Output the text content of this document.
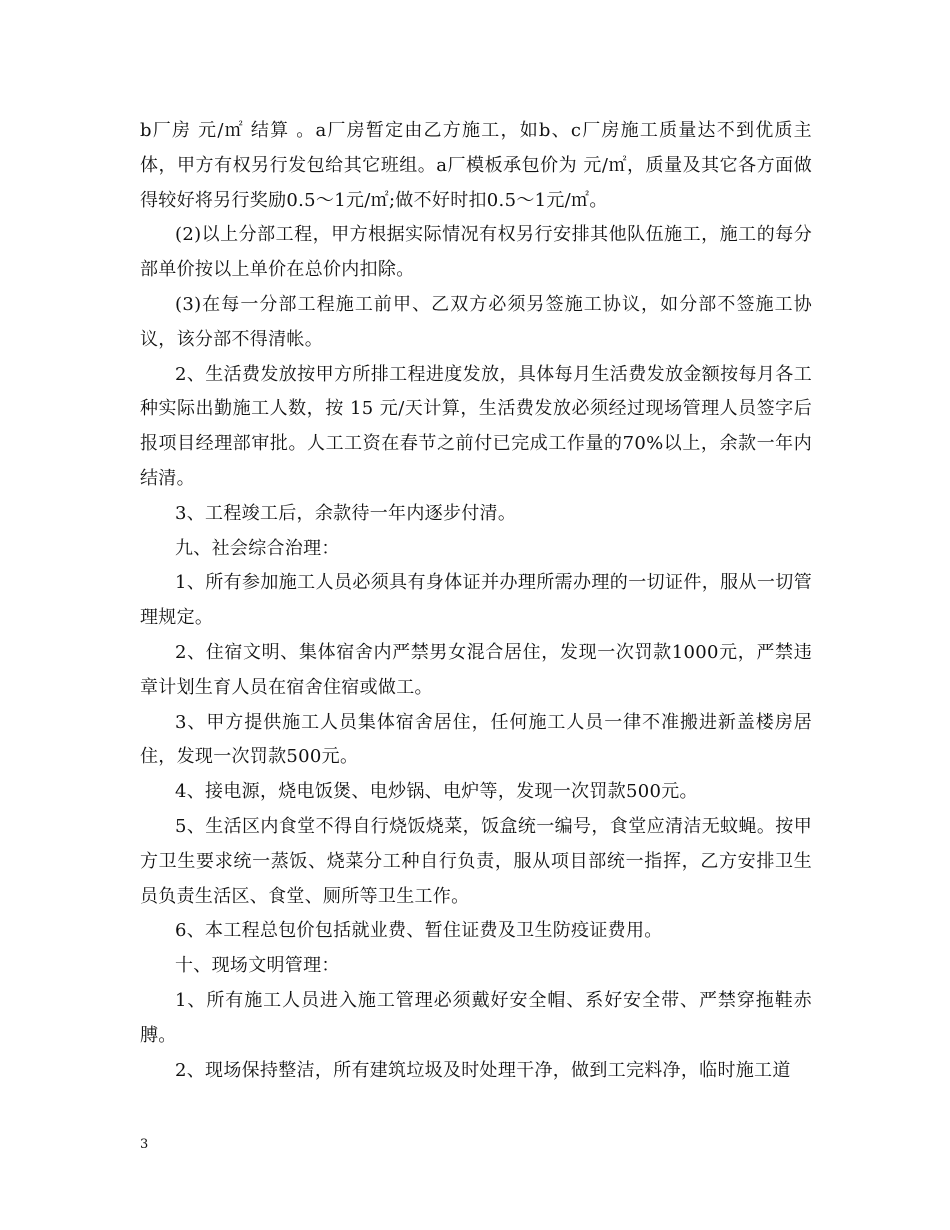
b厂房 元/㎡ 结算 。a厂房暂定由乙方施工，如b、c厂房施工质量达不到优质主体，甲方有权另行发包给其它班组。a厂模板承包价为 元/㎡，质量及其它各方面做得较好将另行奖励0.5～1元/㎡;做不好时扣0.5～1元/㎡。

(2)以上分部工程，甲方根据实际情况有权另行安排其他队伍施工，施工的每分部单价按以上单价在总价内扣除。

(3)在每一分部工程施工前甲、乙双方必须另签施工协议，如分部不签施工协议，该分部不得清帐。

2、生活费发放按甲方所排工程进度发放，具体每月生活费发放金额按每月各工种实际出勤施工人数，按 15 元/天计算，生活费发放必须经过现场管理人员签字后报项目经理部审批。人工工资在春节之前付已完成工作量的70%以上，余款一年内结清。

3、工程竣工后，余款待一年内逐步付清。

九、社会综合治理：

1、所有参加施工人员必须具有身体证并办理所需办理的一切证件，服从一切管理规定。

2、住宿文明、集体宿舍内严禁男女混合居住，发现一次罚款1000元，严禁违章计划生育人员在宿舍住宿或做工。

3、甲方提供施工人员集体宿舍居住，任何施工人员一律不准搬进新盖楼房居住，发现一次罚款500元。

4、接电源，烧电饭煲、电炒锅、电炉等，发现一次罚款500元。

5、生活区内食堂不得自行烧饭烧菜，饭盒统一编号，食堂应清洁无蚊蝇。按甲方卫生要求统一蒸饭、烧菜分工种自行负责，服从项目部统一指挥，乙方安排卫生员负责生活区、食堂、厕所等卫生工作。

6、本工程总包价包括就业费、暂住证费及卫生防疫证费用。

十、现场文明管理：

1、所有施工人员进入施工管理必须戴好安全帽、系好安全带、严禁穿拖鞋赤膊。

2、现场保持整洁，所有建筑垃圾及时处理干净，做到工完料净，临时施工道

3
